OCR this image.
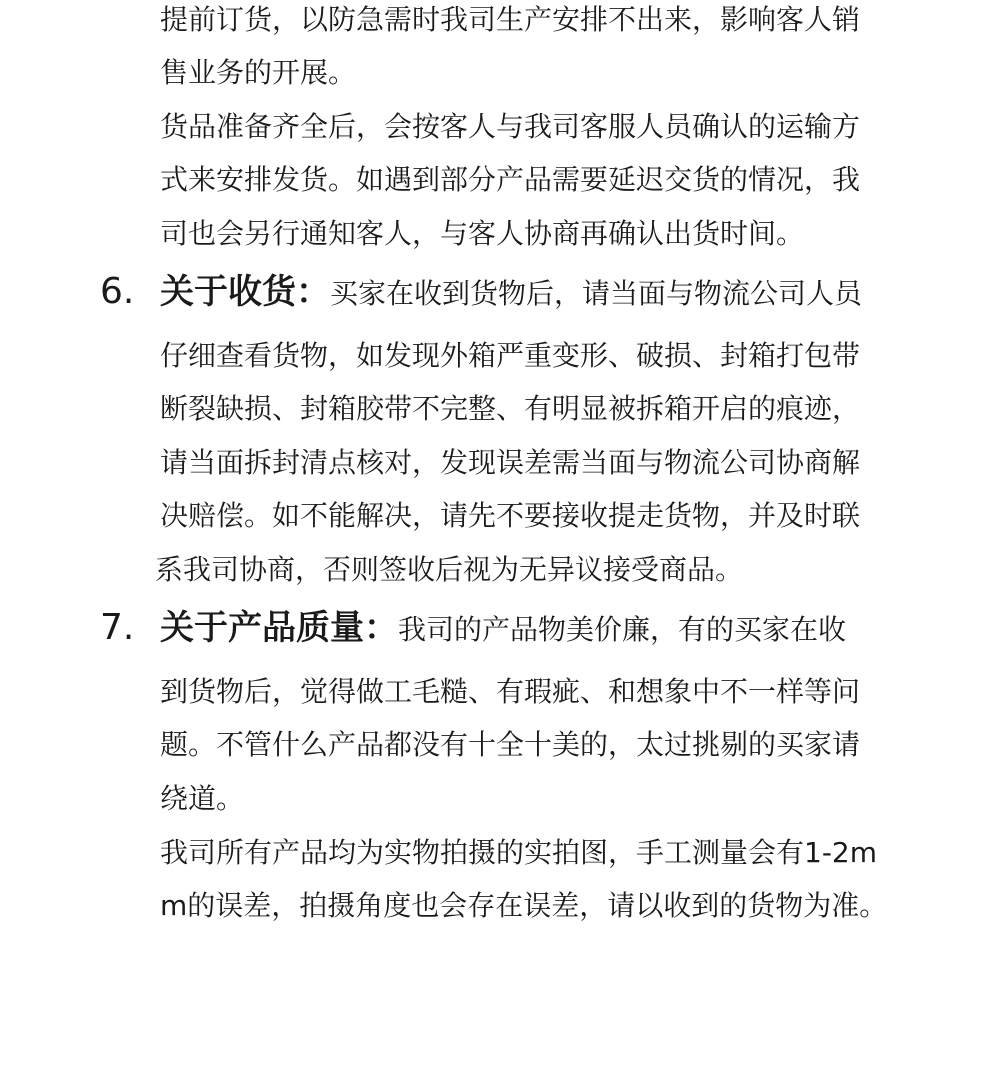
提前订货，以防急需时我司生产安排不出来，影响客人销
售业务的开展。
货品准备齐全后，会按客人与我司客服人员确认的运输方
式来安排发货。如遇到部分产品需要延迟交货的情况，我
司也会另行通知客人，与客人协商再确认出货时间。
6. 关于收货：买家在收到货物后，请当面与物流公司人员
仔细查看货物，如发现外箱严重变形、破损、封箱打包带
断裂缺损、封箱胶带不完整、有明显被拆箱开启的痕迹，
请当面拆封清点核对，发现误差需当面与物流公司协商解
决赔偿。如不能解决，请先不要接收提走货物，并及时联
系我司协商，否则签收后视为无异议接受商品。
7. 关于产品质量：我司的产品物美价廉，有的买家在收
到货物后，觉得做工毛糙、有瑕疵、和想象中不一样等问
题。不管什么产品都没有十全十美的，太过挑剔的买家请
绕道。
我司所有产品均为实物拍摄的实拍图，手工测量会有1-2m
m的误差，拍摄角度也会存在误差，请以收到的货物为准。
